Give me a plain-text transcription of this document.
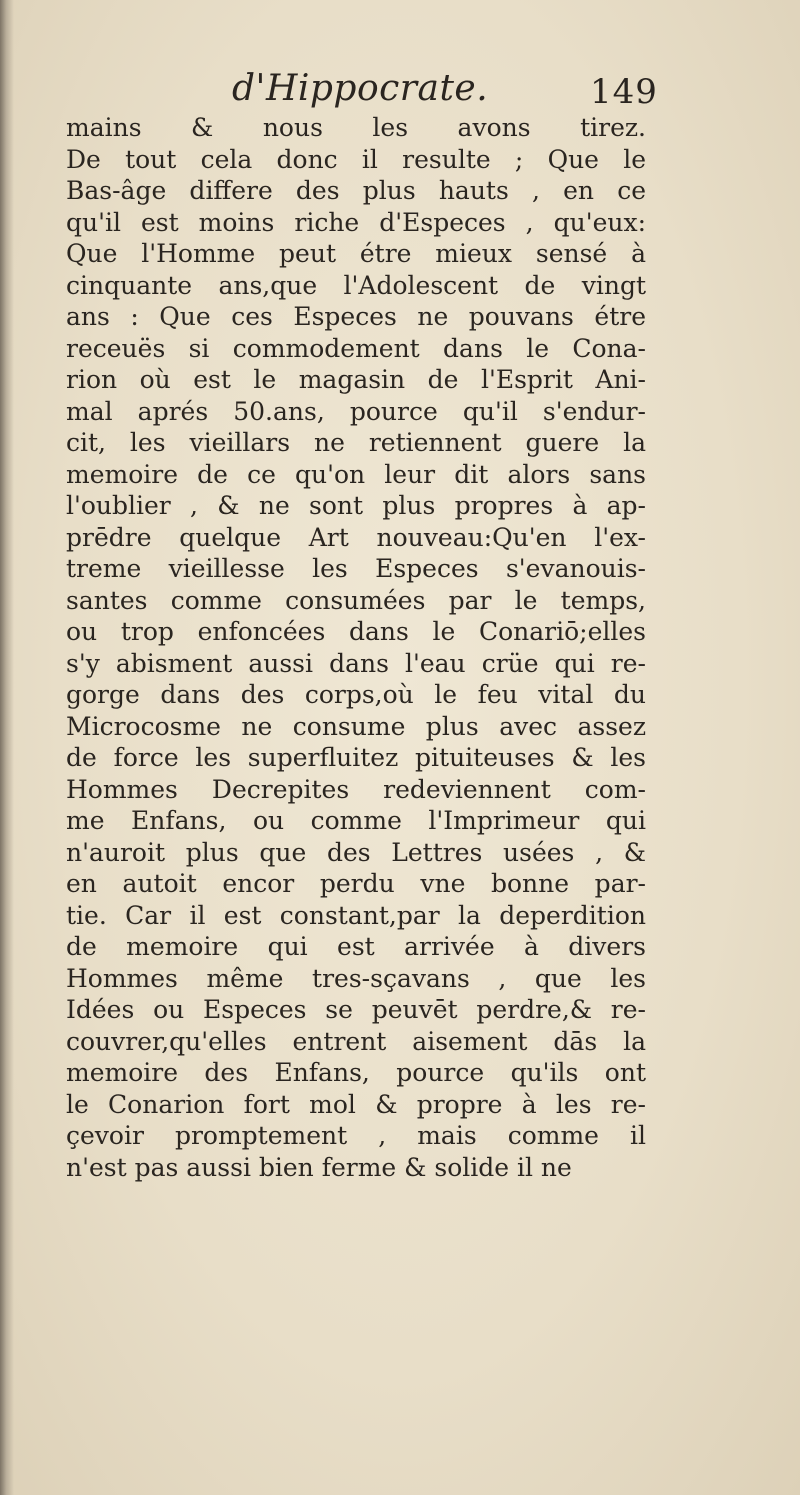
d'Hippocrate.	149
mains & nous les avons tirez.
De tout cela donc il resulte ; Que le
Bas-âge differe des plus hauts , en ce
qu'il est moins riche d'Especes , qu'eux:
Que l'Homme peut étre mieux sensé à
cinquante ans,que l'Adolescent de vingt
ans : Que ces Especes ne pouvans étre
receuës si commodement dans le Cona-
rion où est le magasin de l'Esprit Ani-
mal aprés 50.ans, pource qu'il s'endur-
cit, les vieillars ne retiennent guere la
memoire de ce qu'on leur dit alors sans
l'oublier , & ne sont plus propres à ap-
prēdre quelque Art nouveau:Qu'en l'ex-
treme vieillesse les Especes s'evanouis-
santes comme consumées par le temps,
ou trop enfoncées dans le Conariō;elles
s'y abisment aussi dans l'eau crüe qui re-
gorge dans des corps,où le feu vital du
Microcosme ne consume plus avec assez
de force les superfluitez pituiteuses & les
Hommes Decrepites redeviennent com-
me Enfans, ou comme l'Imprimeur qui
n'auroit plus que des Lettres usées , &
en autoit encor perdu vne bonne par-
tie. Car il est constant,par la deperdition
de memoire qui est arrivée à divers
Hommes même tres-sçavans , que les
Idées ou Especes se peuvēt perdre,& re-
couvrer,qu'elles entrent aisement dās la
memoire des Enfans, pource qu'ils ont
le Conarion fort mol & propre à les re-
çevoir promptement , mais comme il
n'est pas aussi bien ferme & solide il ne
